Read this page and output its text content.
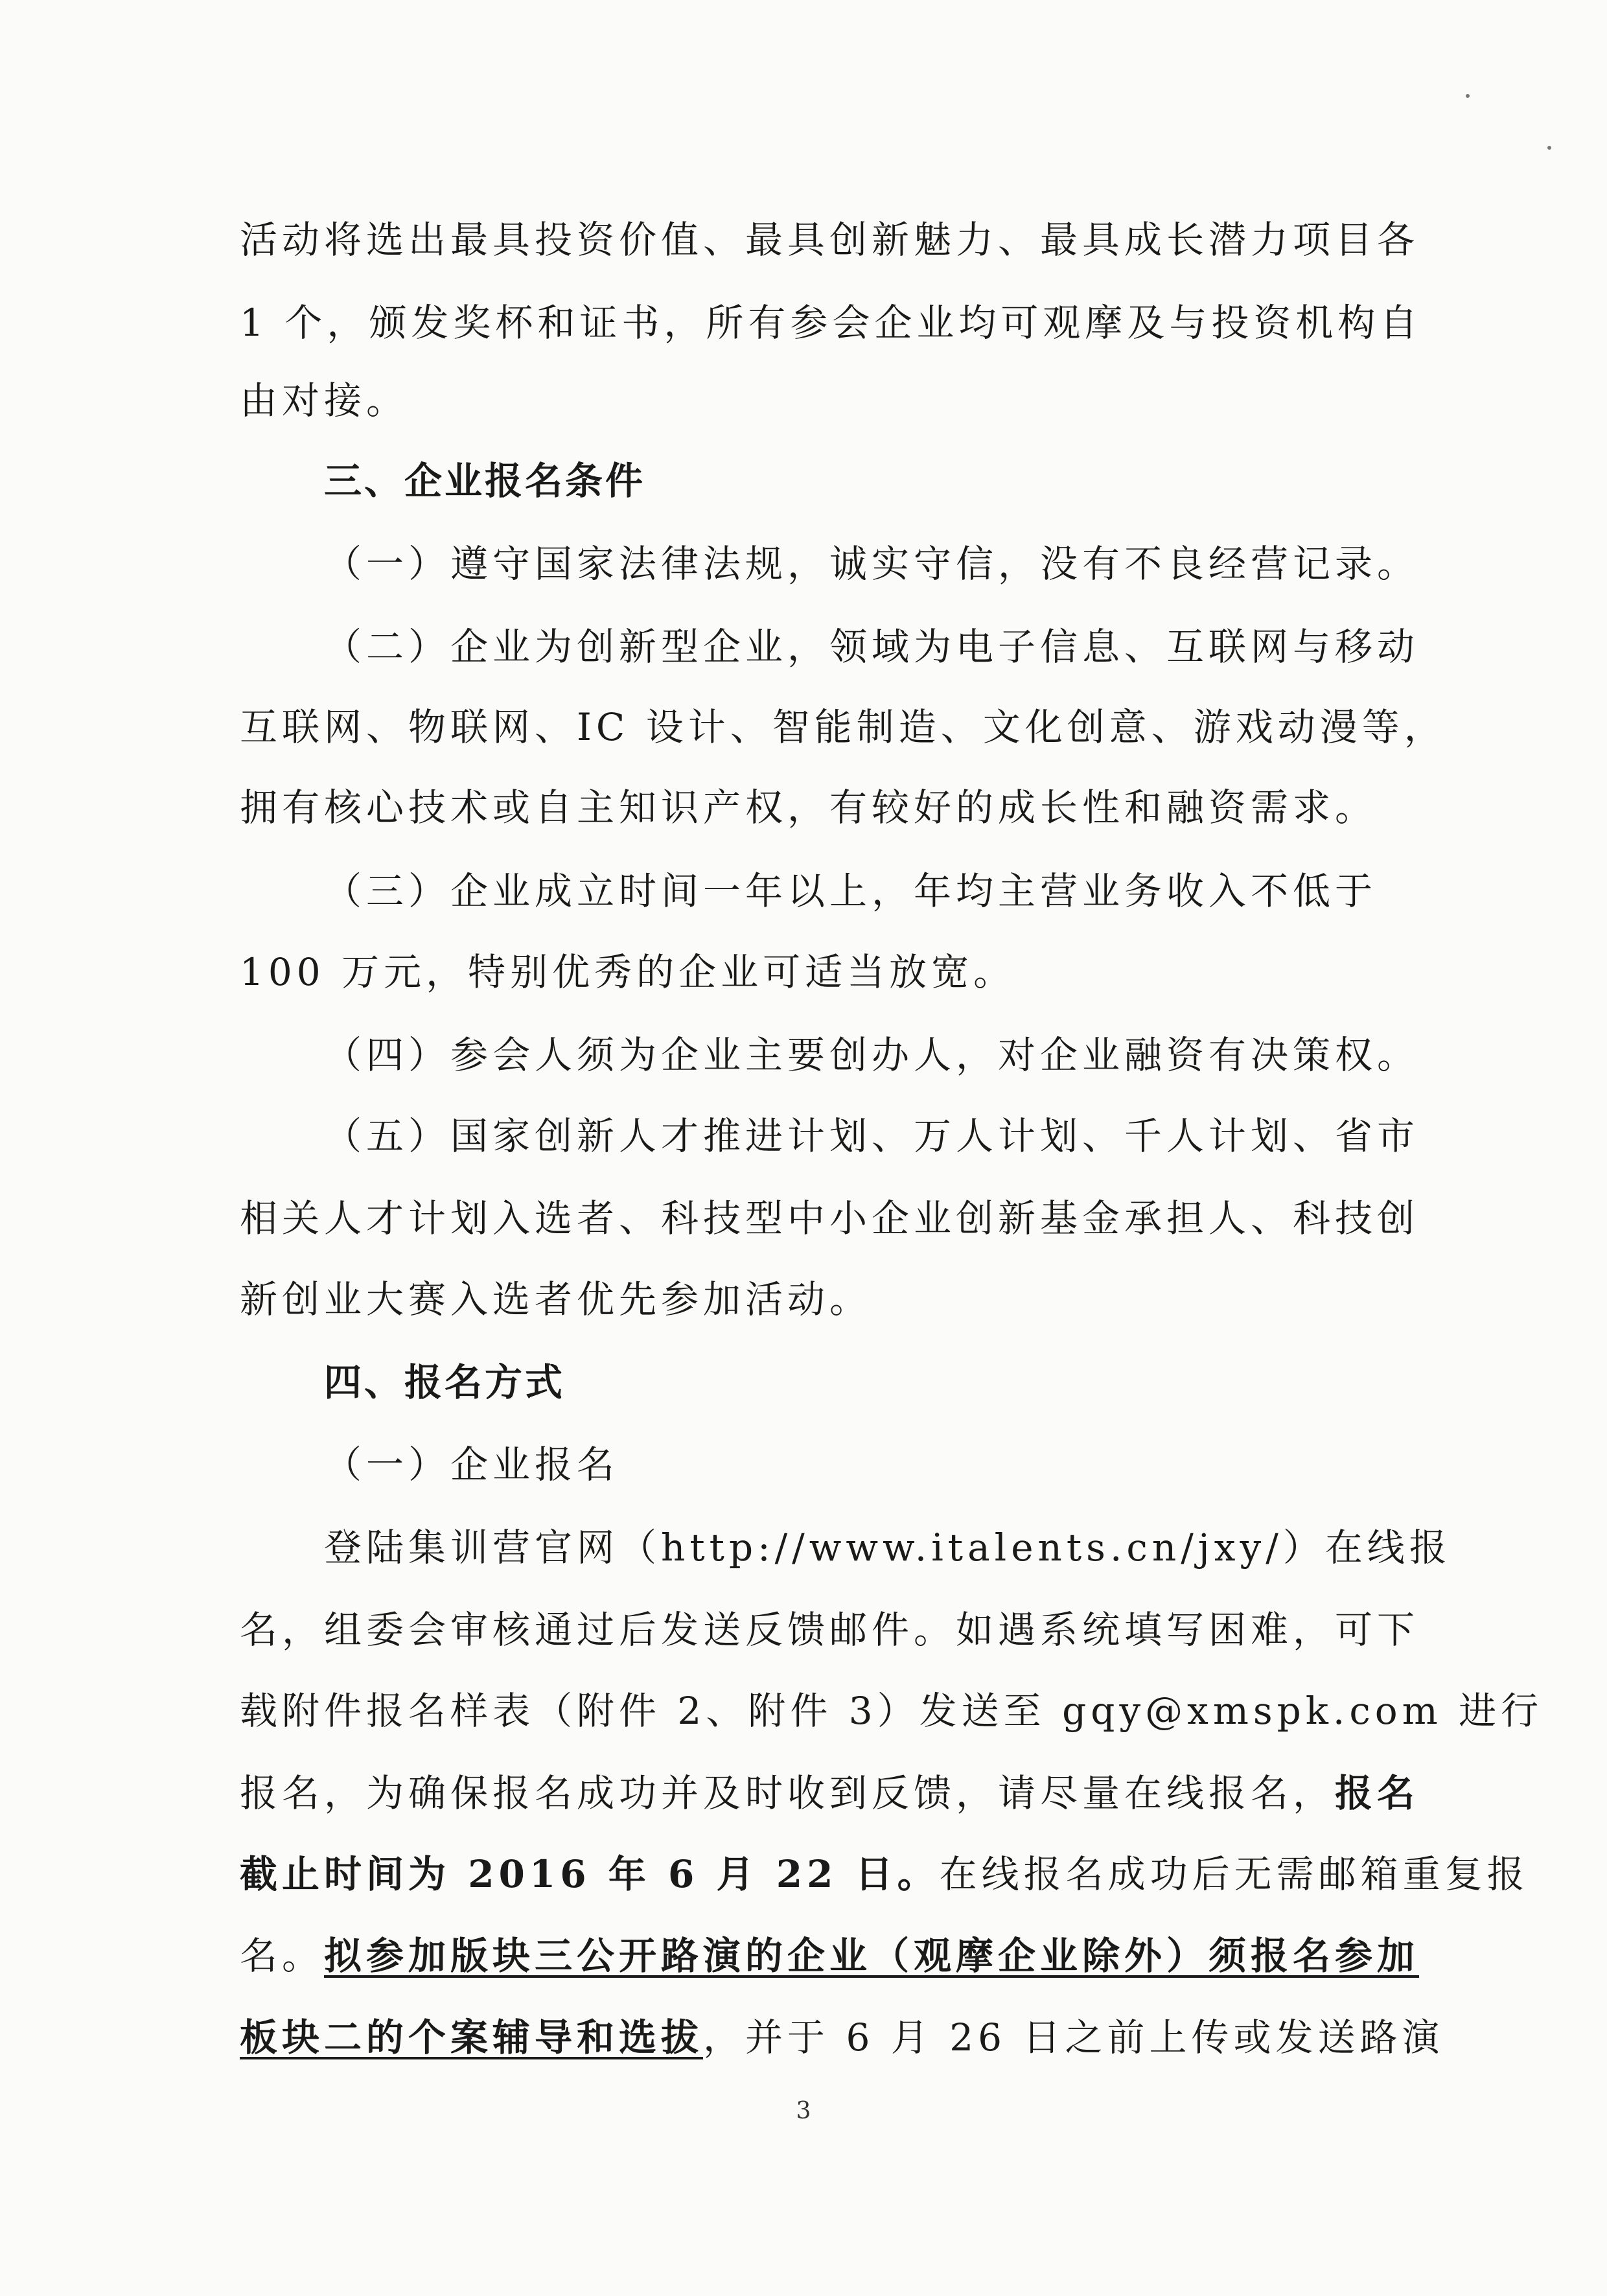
活动将选出最具投资价值、最具创新魅力、最具成长潜力项目各
1 个，颁发奖杯和证书，所有参会企业均可观摩及与投资机构自
由对接。
三、企业报名条件
（一）遵守国家法律法规，诚实守信，没有不良经营记录。
（二）企业为创新型企业，领域为电子信息、互联网与移动
互联网、物联网、IC 设计、智能制造、文化创意、游戏动漫等，
拥有核心技术或自主知识产权，有较好的成长性和融资需求。
（三）企业成立时间一年以上，年均主营业务收入不低于
100 万元，特别优秀的企业可适当放宽。
（四）参会人须为企业主要创办人，对企业融资有决策权。
（五）国家创新人才推进计划、万人计划、千人计划、省市
相关人才计划入选者、科技型中小企业创新基金承担人、科技创
新创业大赛入选者优先参加活动。
四、报名方式
（一）企业报名
登陆集训营官网（http://www.italents.cn/jxy/）在线报
名，组委会审核通过后发送反馈邮件。如遇系统填写困难，可下
载附件报名样表（附件 2、附件 3）发送至 gqy@xmspk.com 进行
报名，为确保报名成功并及时收到反馈，请尽量在线报名，报名
截止时间为 2016 年 6 月 22 日。在线报名成功后无需邮箱重复报
名。拟参加版块三公开路演的企业（观摩企业除外）须报名参加
板块二的个案辅导和选拔，并于 6 月 26 日之前上传或发送路演
3
